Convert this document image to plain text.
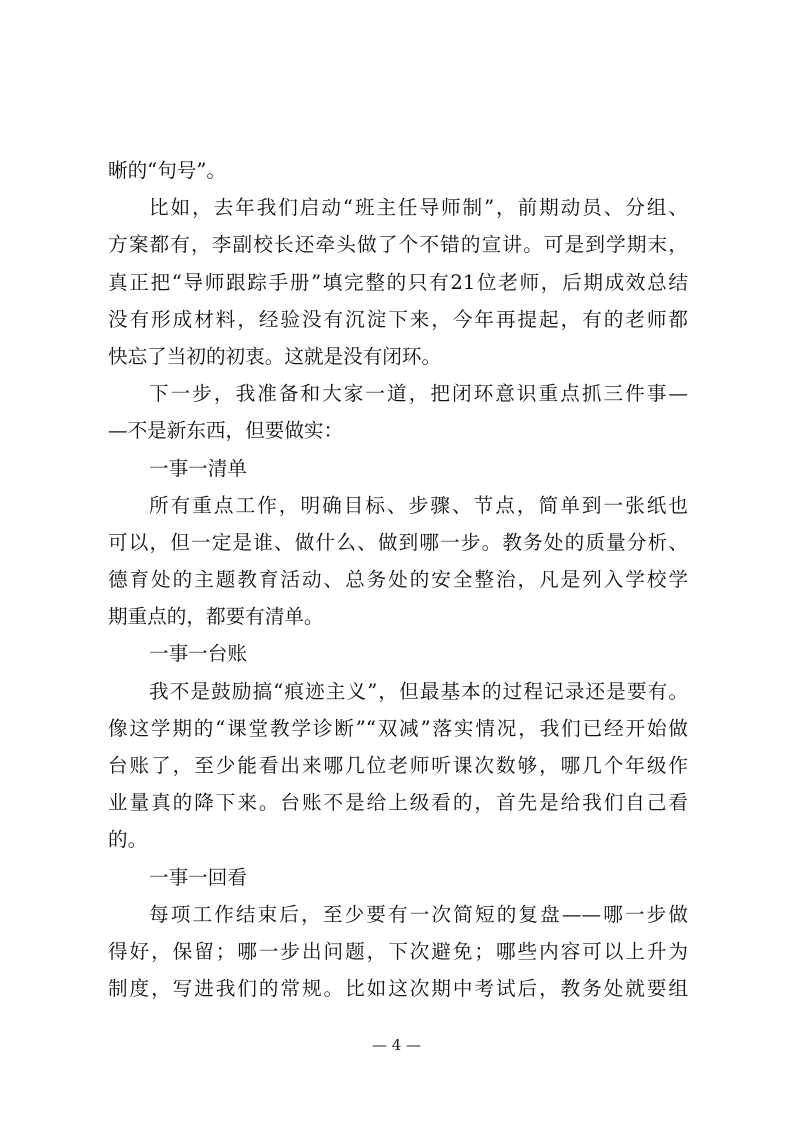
晰的“句号”。
比如，去年我们启动“班主任导师制”，前期动员、分组、
方案都有，李副校长还牵头做了个不错的宣讲。可是到学期末，
真正把“导师跟踪手册”填完整的只有21位老师，后期成效总结
没有形成材料，经验没有沉淀下来，今年再提起，有的老师都
快忘了当初的初衷。这就是没有闭环。
下一步，我准备和大家一道，把闭环意识重点抓三件事—
—不是新东西，但要做实：
一事一清单
所有重点工作，明确目标、步骤、节点，简单到一张纸也
可以，但一定是谁、做什么、做到哪一步。教务处的质量分析、
德育处的主题教育活动、总务处的安全整治，凡是列入学校学
期重点的，都要有清单。
一事一台账
我不是鼓励搞“痕迹主义”，但最基本的过程记录还是要有。
像这学期的“课堂教学诊断”“双减”落实情况，我们已经开始做
台账了，至少能看出来哪几位老师听课次数够，哪几个年级作
业量真的降下来。台账不是给上级看的，首先是给我们自己看
的。
一事一回看
每项工作结束后，至少要有一次简短的复盘——哪一步做
得好，保留；哪一步出问题，下次避免；哪些内容可以上升为
制度，写进我们的常规。比如这次期中考试后，教务处就要组
— 4 —
